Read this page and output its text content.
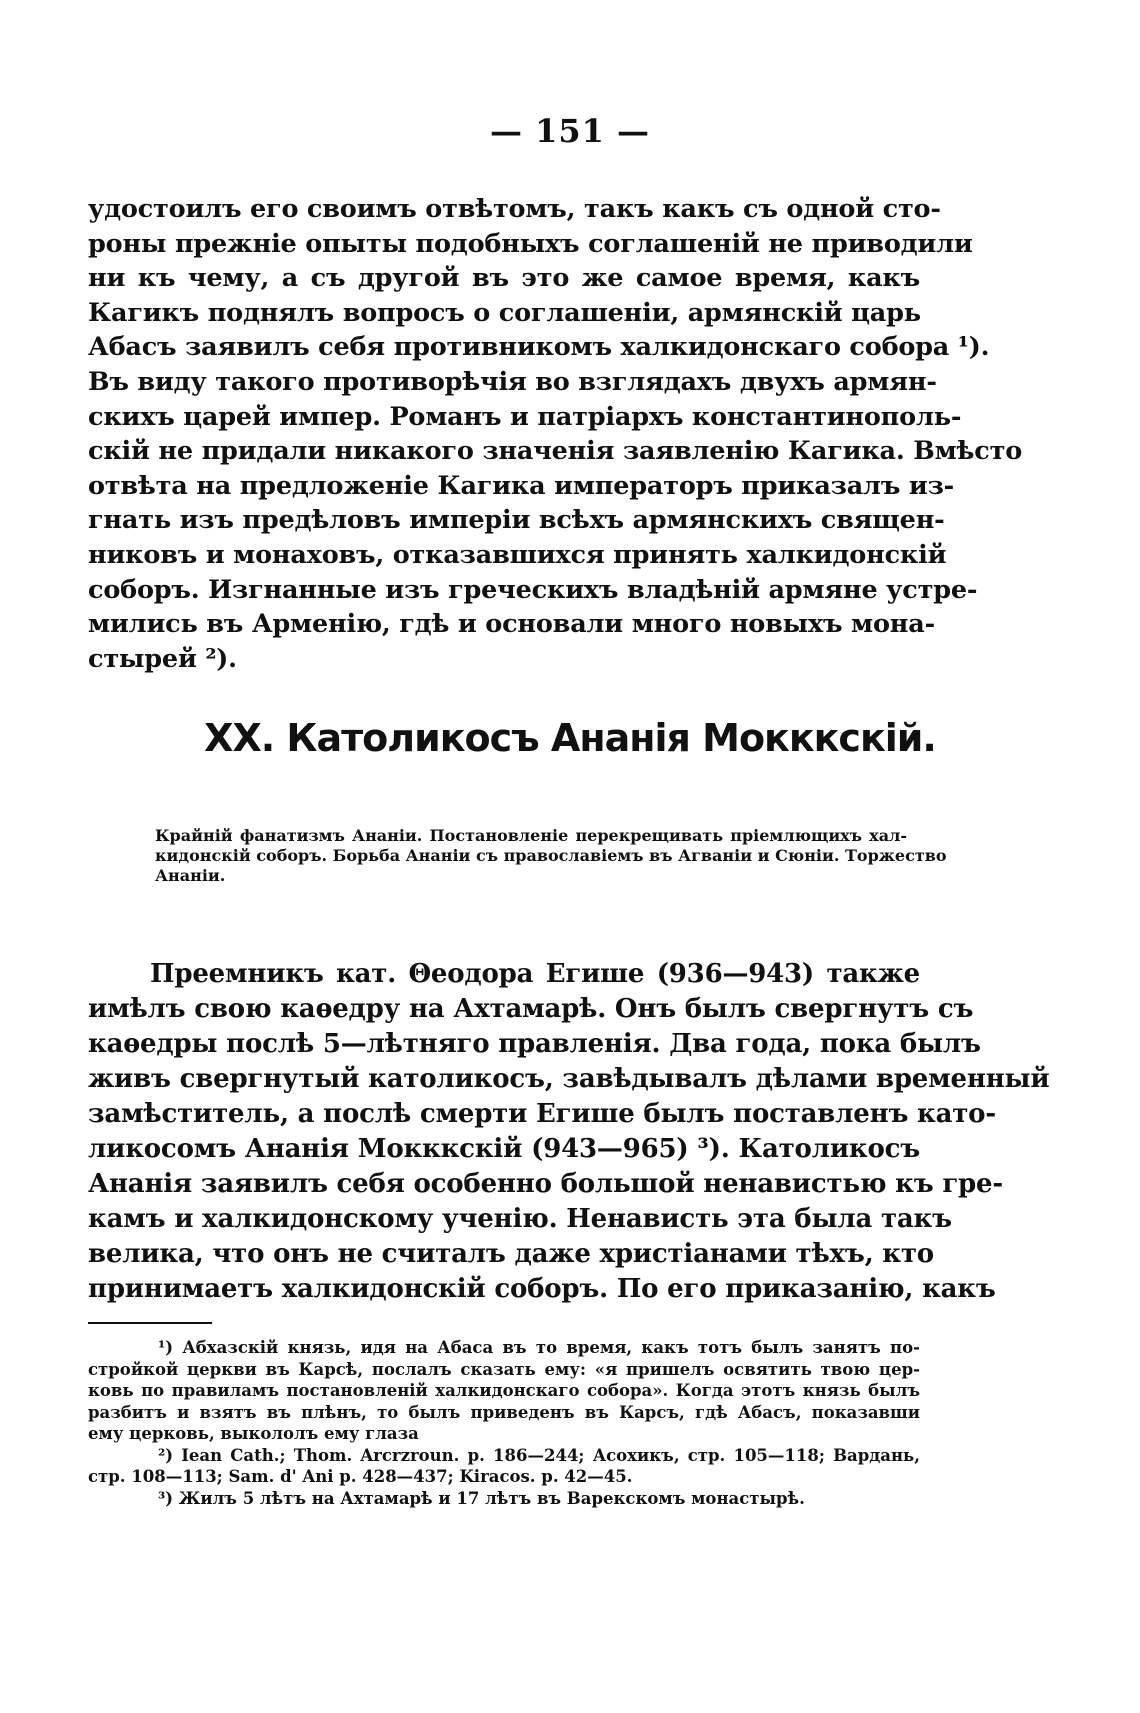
— 151 —
удостоилъ его своимъ отвѣтомъ, такъ какъ съ одной сто-
роны прежніе опыты подобныхъ соглашеній не приводили
ни къ чему, а съ другой въ это же самое время, какъ
Кагикъ поднялъ вопросъ о соглашеніи, армянскій царь
Абасъ заявилъ себя противникомъ халкидонскаго собора ¹).
Въ виду такого противорѣчія во взглядахъ двухъ армян-
скихъ царей импер. Романъ и патріархъ константинополь-
скій не придали никакого значенія заявленію Кагика. Вмѣсто
отвѣта на предложеніе Кагика императоръ приказалъ из-
гнать изъ предѣловъ имперіи всѣхъ армянскихъ священ-
никовъ и монаховъ, отказавшихся принять халкидонскій
соборъ. Изгнанные изъ греческихъ владѣній армяне устре-
мились въ Арменію, гдѣ и основали много новыхъ мона-
стырей ²).
XX. Католикосъ Ананія Мокккскій.
Крайній фанатизмъ Ананіи. Постановленіе перекрещивать пріемлющихъ хал-
кидонскій соборъ. Борьба Ананіи съ православіемъ въ Агваніи и Сюніи. Торжество
Ананіи.
Преемникъ кат. Θеодора Егише (936—943) также
имѣлъ свою каѳедру на Ахтамарѣ. Онъ былъ свергнутъ съ
каѳедры послѣ 5—лѣтняго правленія. Два года, пока былъ
живъ свергнутый католикосъ, завѣдывалъ дѣлами временный
замѣститель, а послѣ смерти Егише былъ поставленъ като-
ликосомъ Ананія Мокккскій (943—965) ³). Католикосъ
Ананія заявилъ себя особенно большой ненавистью къ гре-
камъ и халкидонскому ученію. Ненависть эта была такъ
велика, что онъ не считалъ даже христіанами тѣхъ, кто
принимаетъ халкидонскій соборъ. По его приказанію, какъ
¹) Абхазскій князь, идя на Абаса въ то время, какъ тотъ былъ занятъ по-
стройкой церкви въ Карсѣ, послалъ сказать ему: «я пришелъ освятить твою цер-
ковь по правиламъ постановленій халкидонскаго собора». Когда этотъ князь былъ
разбитъ и взятъ въ плѣнъ, то былъ приведенъ въ Карсъ, гдѣ Абасъ, показавши
ему церковь, выкололъ ему глаза
²) Iean Cath.; Thom. Arcrzroun. p. 186—244; Асохикъ, стр. 105—118; Вардань,
стр. 108—113; Sam. d' Ani p. 428—437; Kiracos. p. 42—45.
³) Жилъ 5 лѣтъ на Ахтамарѣ и 17 лѣтъ въ Варекскомъ монастырѣ.
